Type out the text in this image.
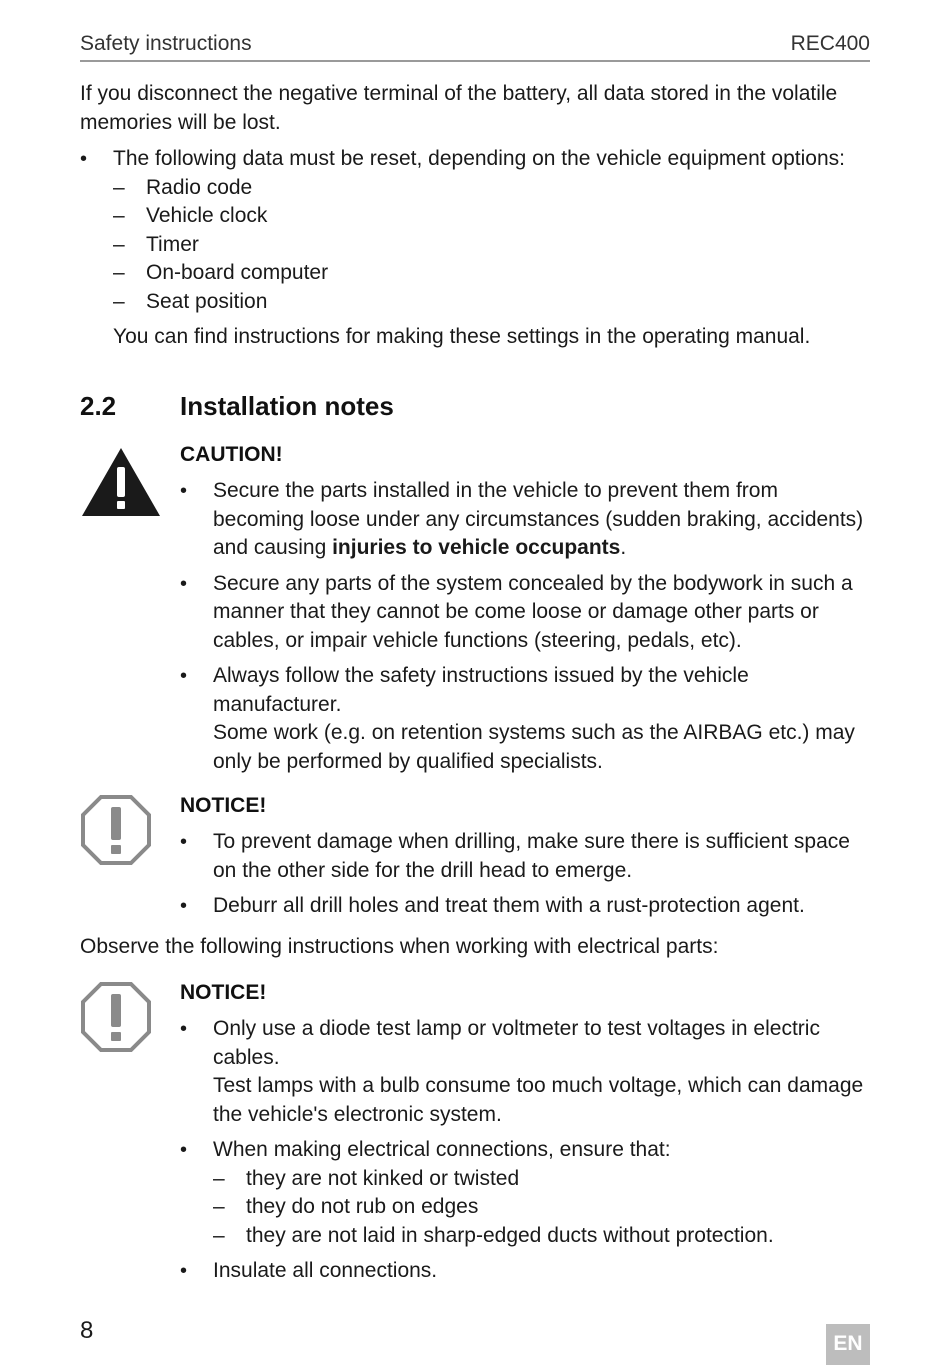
Safety instructions	REC400

If you disconnect the negative terminal of the battery, all data stored in the volatile memories will be lost.

• The following data must be reset, depending on the vehicle equipment options:
– Radio code
– Vehicle clock
– Timer
– On-board computer
– Seat position
You can find instructions for making these settings in the operating manual.
2.2 Installation notes
CAUTION!
• Secure the parts installed in the vehicle to prevent them from becoming loose under any circumstances (sudden braking, accidents) and causing injuries to vehicle occupants.
• Secure any parts of the system concealed by the bodywork in such a manner that they cannot be come loose or damage other parts or cables, or impair vehicle functions (steering, pedals, etc).
• Always follow the safety instructions issued by the vehicle manufacturer.
Some work (e.g. on retention systems such as the AIRBAG etc.) may only be performed by qualified specialists.
NOTICE!
• To prevent damage when drilling, make sure there is sufficient space on the other side for the drill head to emerge.
• Deburr all drill holes and treat them with a rust-protection agent.
Observe the following instructions when working with electrical parts:
NOTICE!
• Only use a diode test lamp or voltmeter to test voltages in electric cables.
Test lamps with a bulb consume too much voltage, which can damage the vehicle's electronic system.
• When making electrical connections, ensure that:
– they are not kinked or twisted
– they do not rub on edges
– they are not laid in sharp-edged ducts without protection.
• Insulate all connections.
8	EN
